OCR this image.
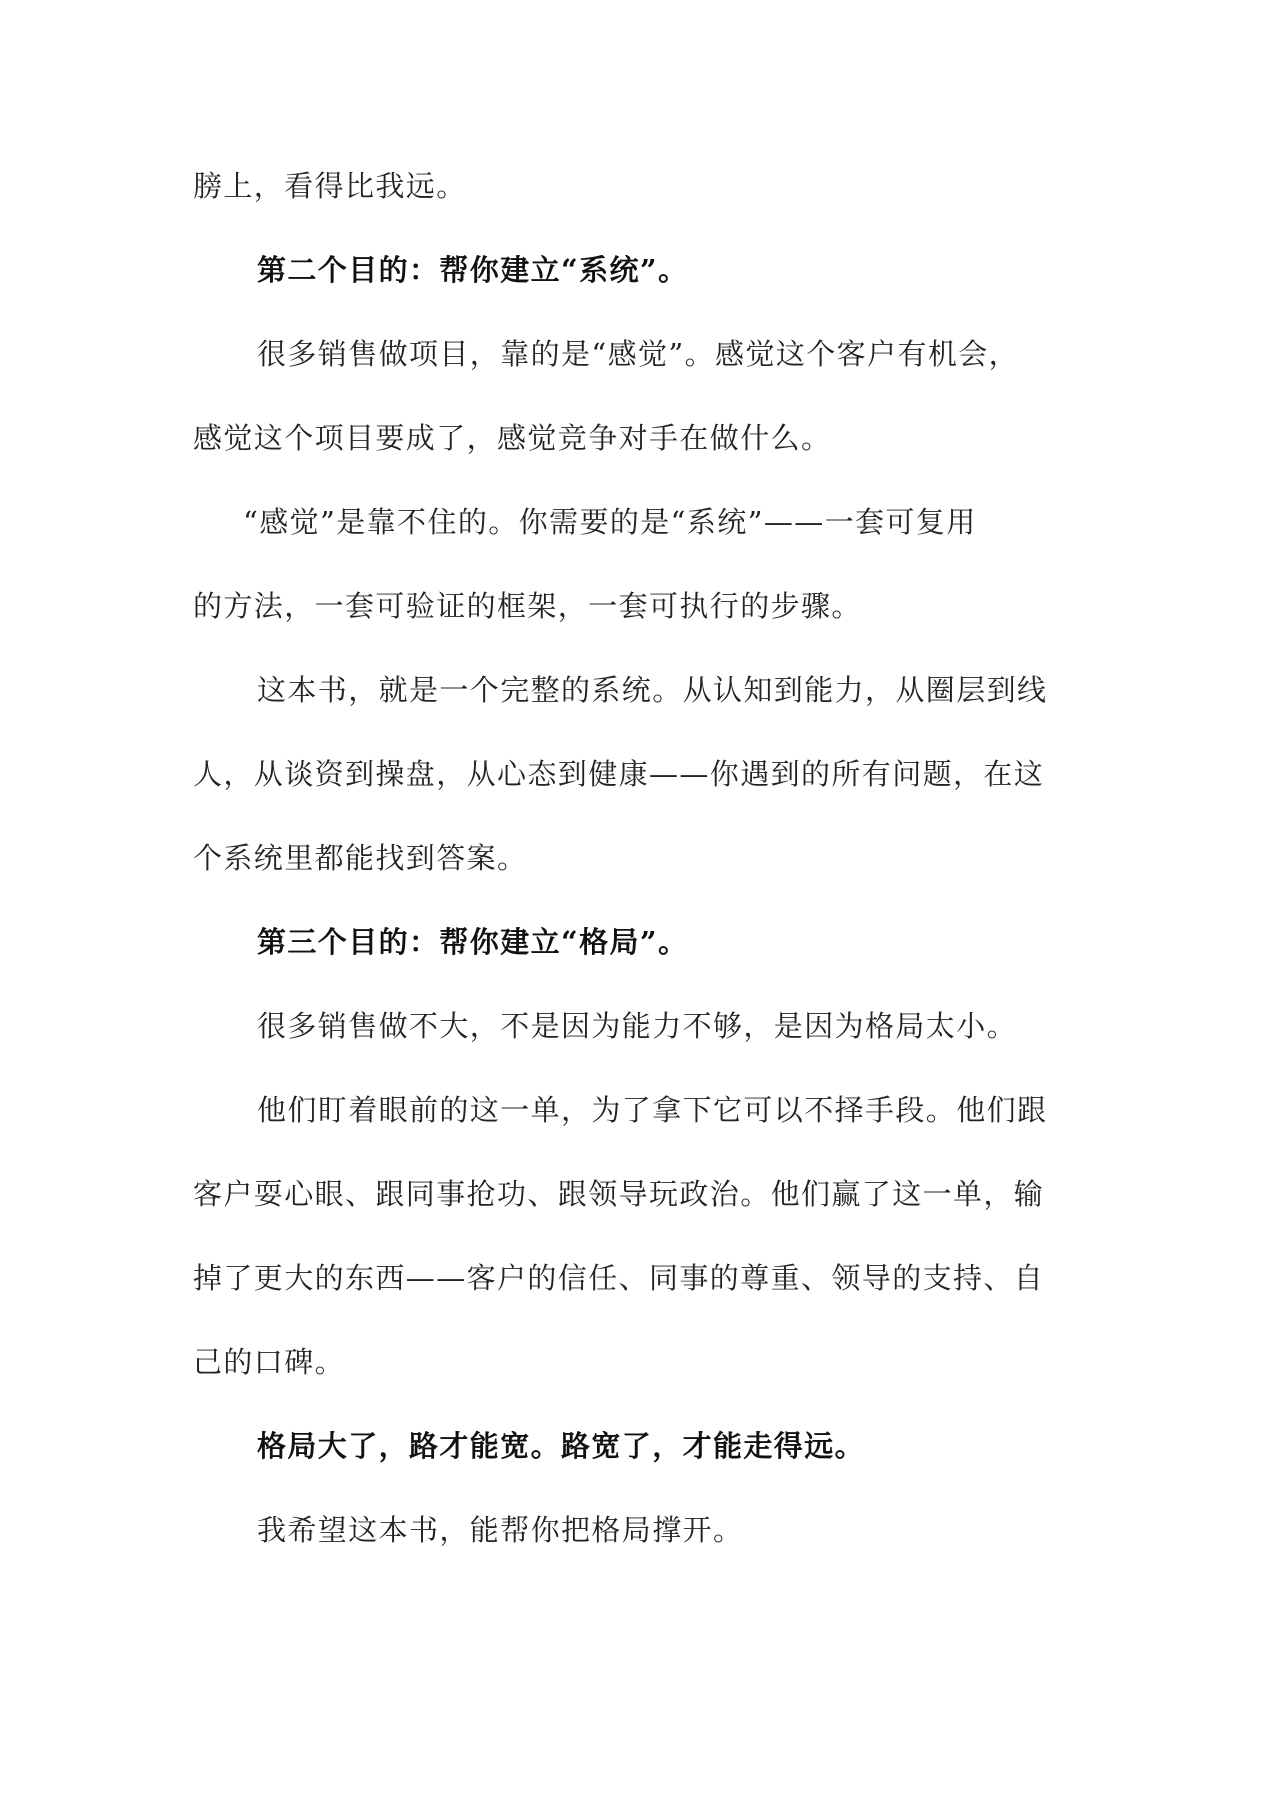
膀上，看得比我远。
第二个目的：帮你建立“系统”。
很多销售做项目，靠的是“感觉”。感觉这个客户有机会，
感觉这个项目要成了，感觉竞争对手在做什么。
“感觉”是靠不住的。你需要的是“系统”——一套可复用
的方法，一套可验证的框架，一套可执行的步骤。
这本书，就是一个完整的系统。从认知到能力，从圈层到线
人，从谈资到操盘，从心态到健康——你遇到的所有问题，在这
个系统里都能找到答案。
第三个目的：帮你建立“格局”。
很多销售做不大，不是因为能力不够，是因为格局太小。
他们盯着眼前的这一单，为了拿下它可以不择手段。他们跟
客户耍心眼、跟同事抢功、跟领导玩政治。他们赢了这一单，输
掉了更大的东西——客户的信任、同事的尊重、领导的支持、自
己的口碑。
格局大了，路才能宽。路宽了，才能走得远。
我希望这本书，能帮你把格局撑开。
